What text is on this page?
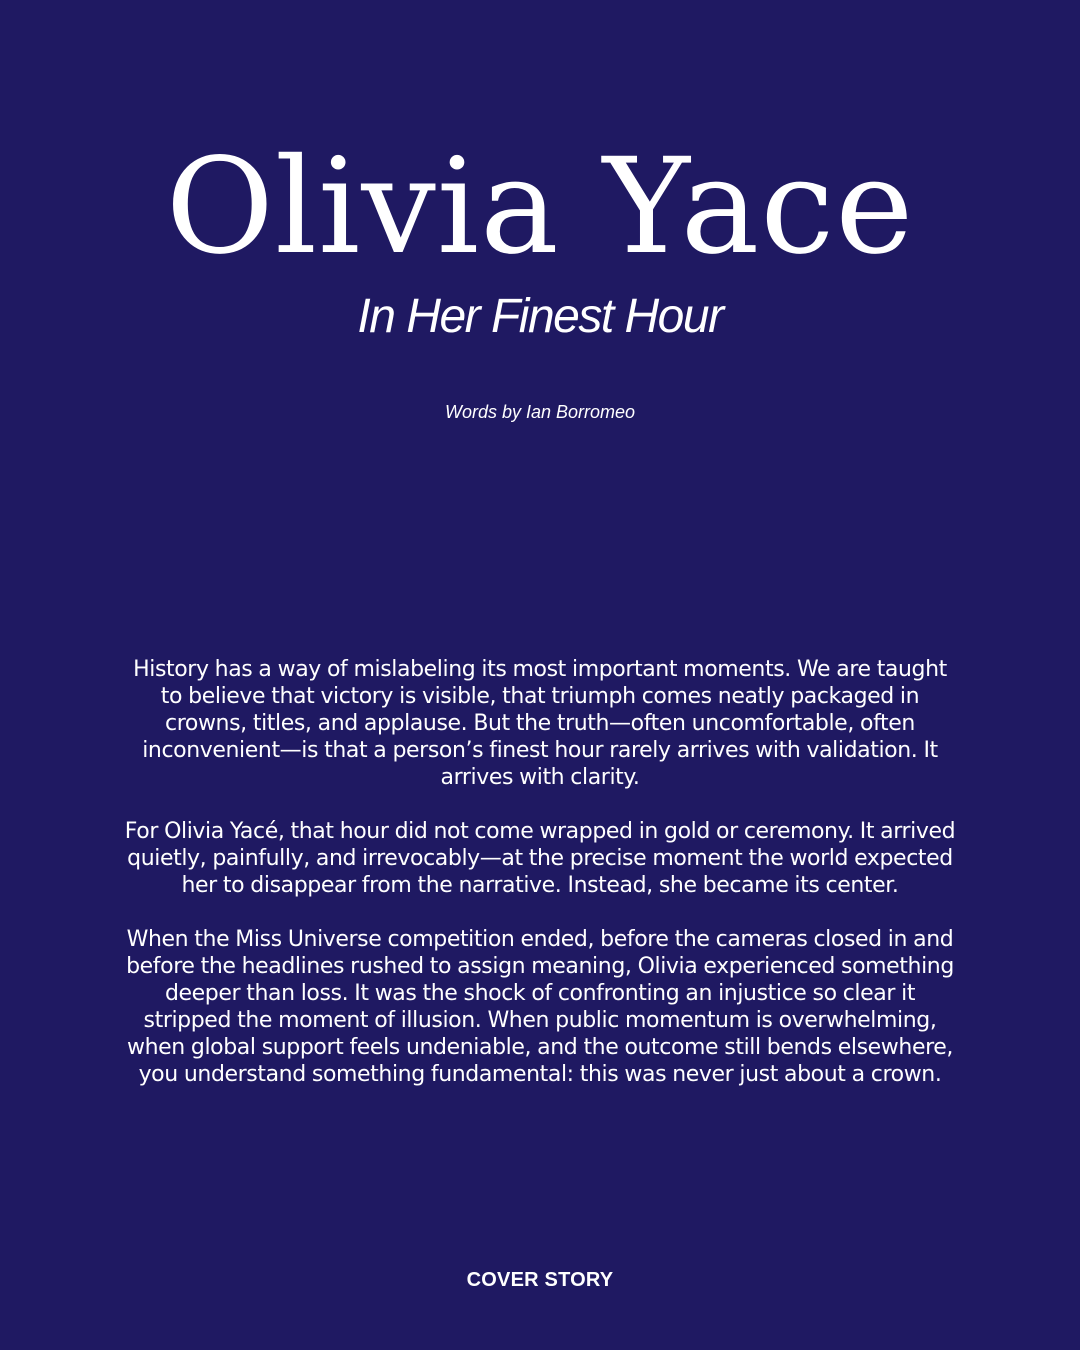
Olivia Yace
In Her Finest Hour
Words by Ian Borromeo

History has a way of mislabeling its most important moments. We are taught to believe that victory is visible, that triumph comes neatly packaged in crowns, titles, and applause. But the truth—often uncomfortable, often inconvenient—is that a person’s finest hour rarely arrives with validation. It arrives with clarity.

For Olivia Yacé, that hour did not come wrapped in gold or ceremony. It arrived quietly, painfully, and irrevocably—at the precise moment the world expected her to disappear from the narrative. Instead, she became its center.

When the Miss Universe competition ended, before the cameras closed in and before the headlines rushed to assign meaning, Olivia experienced something deeper than loss. It was the shock of confronting an injustice so clear it stripped the moment of illusion. When public momentum is overwhelming, when global support feels undeniable, and the outcome still bends elsewhere, you understand something fundamental: this was never just about a crown.

COVER STORY
